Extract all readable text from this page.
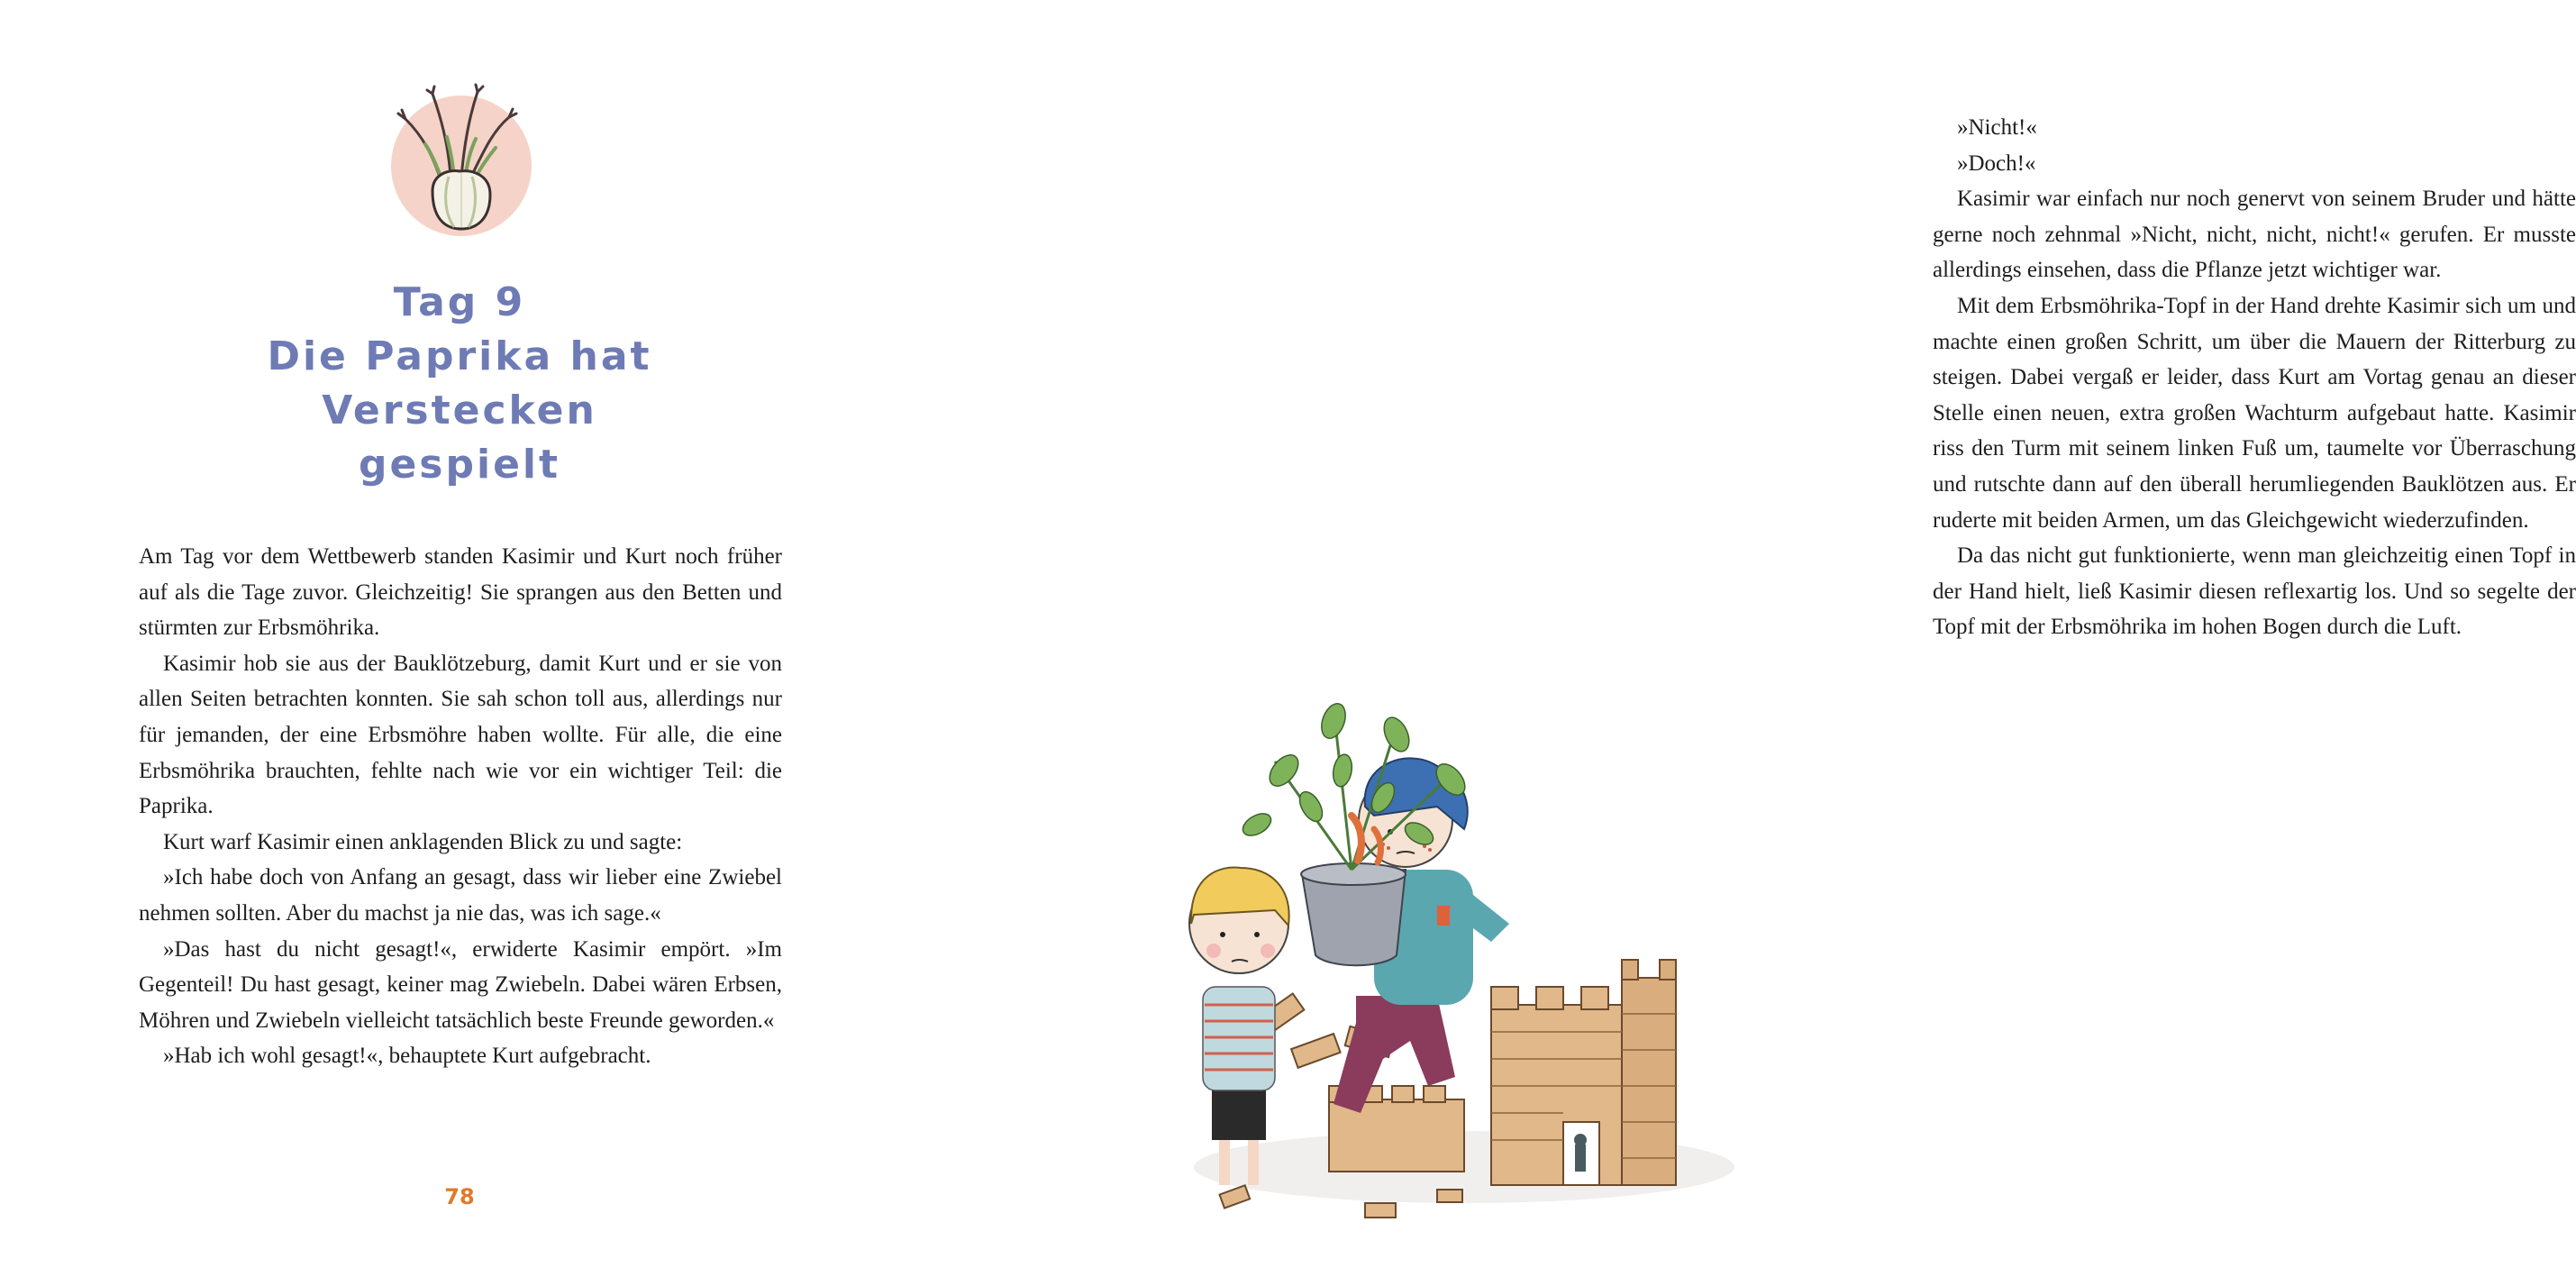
Tag 9
Die Paprika hat Verstecken
gespielt

Am Tag vor dem Wettbewerb standen Kasimir und Kurt noch früher auf als die Tage zuvor. Gleichzeitig! Sie sprangen aus den Betten und stürmten zur Erbsmöhrika.

Kasimir hob sie aus der Bauklötzeburg, damit Kurt und er sie von allen Seiten betrachten konnten. Sie sah schon toll aus, allerdings nur für jemanden, der eine Erbsmöhre haben wollte. Für alle, die eine Erbsmöhrika brauchten, fehlte nach wie vor ein wichtiger Teil: die Paprika.

Kurt warf Kasimir einen anklagenden Blick zu und sagte:

»Ich habe doch von Anfang an gesagt, dass wir lieber eine Zwiebel nehmen sollten. Aber du machst ja nie das, was ich sage.«

»Das hast du nicht gesagt!«, erwiderte Kasimir empört. »Im Gegenteil! Du hast gesagt, keiner mag Zwiebeln. Dabei wären Erbsen, Möhren und Zwiebeln vielleicht tatsächlich beste Freunde geworden.«

»Hab ich wohl gesagt!«, behauptete Kurt aufgebracht.

78

»Nicht!«

»Doch!«

Kasimir war einfach nur noch genervt von seinem Bruder und hätte gerne noch zehnmal »Nicht, nicht, nicht, nicht!« gerufen. Er musste allerdings einsehen, dass die Pflanze jetzt wichtiger war.

Mit dem Erbsmöhrika-Topf in der Hand drehte Kasimir sich um und machte einen großen Schritt, um über die Mauern der Ritterburg zu steigen. Dabei vergaß er leider, dass Kurt am Vortag genau an dieser Stelle einen neuen, extra großen Wachturm aufgebaut hatte. Kasimir riss den Turm mit seinem linken Fuß um, taumelte vor Überraschung und rutschte dann auf den überall herumliegenden Bauklötzen aus. Er ruderte mit beiden Armen, um das Gleichgewicht wiederzufinden.

Da das nicht gut funktionierte, wenn man gleichzeitig einen Topf in der Hand hielt, ließ Kasimir diesen reflexartig los. Und so segelte der Topf mit der Erbsmöhrika im hohen Bogen durch die Luft.
